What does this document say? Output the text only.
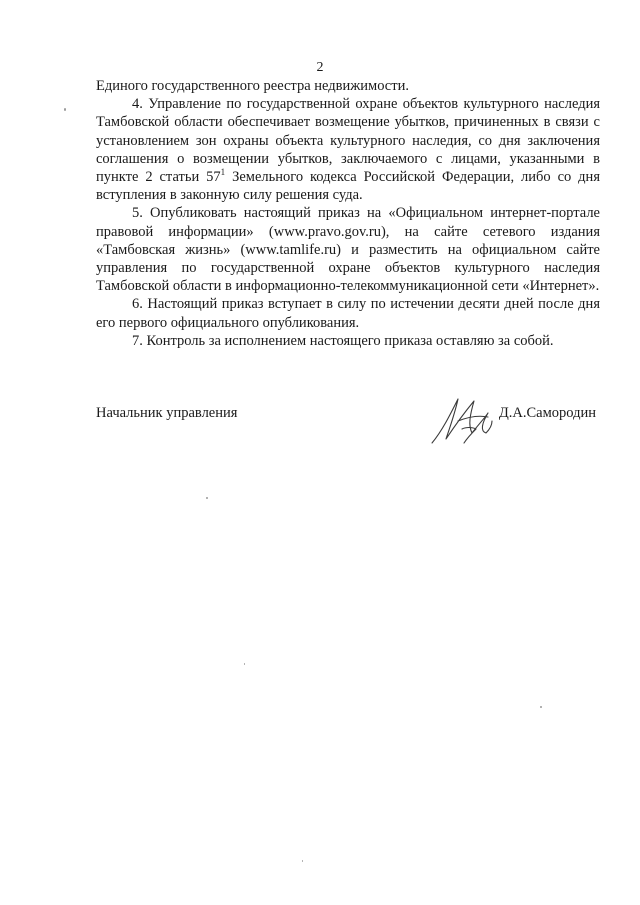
2

Единого государственного реестра недвижимости.

4. Управление по государственной охране объектов культурного наследия Тамбовской области обеспечивает возмещение убытков, причиненных в связи с установлением зон охраны объекта культурного наследия, со дня заключения соглашения о возмещении убытков, заключаемого с лицами, указанными в пункте 2 статьи $57^1$ Земельного кодекса Российской Федерации, либо со дня вступления в законную силу решения суда.

5. Опубликовать настоящий приказ на «Официальном интернет-портале правовой информации» (www.pravo.gov.ru), на сайте сетевого издания «Тамбовская жизнь» (www.tamlife.ru) и разместить на официальном сайте управления по государственной охране объектов культурного наследия Тамбовской области в информационно-телекоммуникационной сети «Интернет».

6. Настоящий приказ вступает в силу по истечении десяти дней после дня его первого официального опубликования.

7. Контроль за исполнением настоящего приказа оставляю за собой.

Начальник управления	Д.А.Самородин
